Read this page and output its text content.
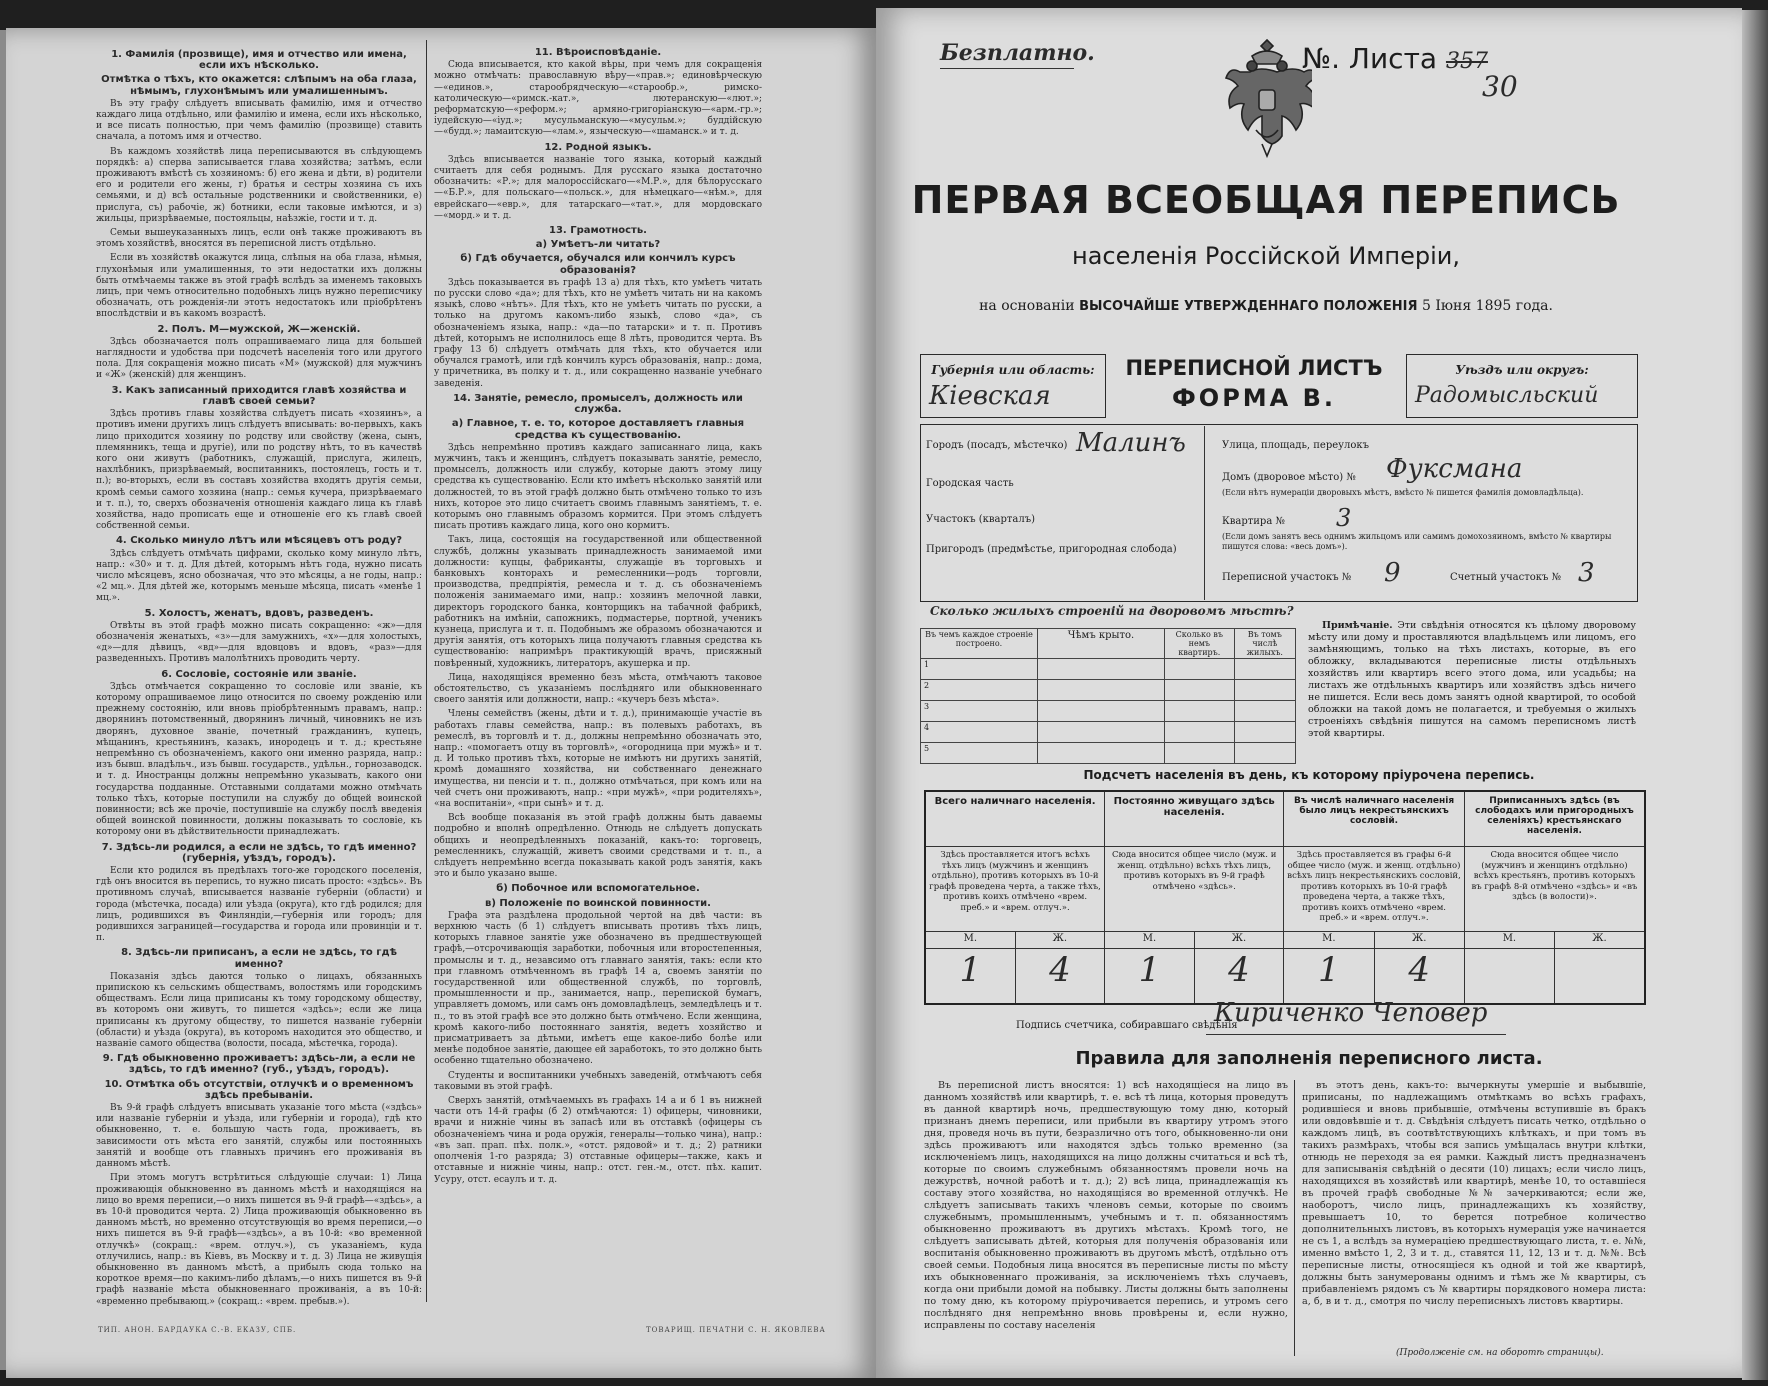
1. Фамилія (прозвище), имя и отчество или имена, если ихъ нѣсколько.
Отмѣтка о тѣхъ, кто окажется: слѣпымъ на оба глаза, нѣмымъ, глухонѣмымъ или умалишеннымъ.

Въ эту графу слѣдуетъ вписывать фамилію, имя и отчество каждаго лица отдѣльно, или фамилію и имена, если ихъ нѣсколько, и все писать полностью, при чемъ фамилію (прозвище) ставить сначала, а потомъ имя и отчество.

Въ каждомъ хозяйствѣ лица переписываются въ слѣдующемъ порядкѣ: а) сперва записывается глава хозяйства; затѣмъ, если проживаютъ вмѣстѣ съ хозяиномъ: б) его жена и дѣти, в) родители его и родители его жены, г) братья и сестры хозяина съ ихъ семьями, и д) всѣ остальные родственники и свойственники, е) прислуга, съ) рабочіе, ж) ботники, если таковые имѣются, и з) жильцы, призрѣваемые, постояльцы, наѣзжіе, гости и т. д.

Семьи вышеуказанныхъ лицъ, если онѣ также проживаютъ въ этомъ хозяйствѣ, вносятся въ переписной листъ отдѣльно.

Если въ хозяйствѣ окажутся лица, слѣпыя на оба глаза, нѣмыя, глухонѣмыя или умалишенныя, то эти недостатки ихъ должны быть отмѣчаемы также въ этой графѣ вслѣдъ за именемъ таковыхъ лицъ, при чемъ относительно подобныхъ лицъ нужно переписчику обозначать, отъ рожденія-ли этотъ недостатокъ или пріобрѣтенъ впослѣдствіи и въ какомъ возрастѣ.

2. Полъ. М—мужской, Ж—женскій.

Здѣсь обозначается полъ опрашиваемаго лица для большей наглядности и удобства при подсчетѣ населенія того или другого пола. Для сокращенія можно писать «М» (мужской) для мужчинъ и «Ж» (женскій) для женщинъ.

3. Какъ записанный приходится главѣ хозяйства и главѣ своей семьи?

Здѣсь противъ главы хозяйства слѣдуетъ писать «хозяинъ», а противъ имени другихъ лицъ слѣдуетъ вписывать: во-первыхъ, какъ лицо приходится хозяину по родству или свойству (жена, сынъ, племянникъ, теща и другіе), или по родству нѣтъ, то въ качествѣ кого они живутъ (работникъ, служащій, прислуга, жилецъ, нахлѣбникъ, призрѣваемый, воспитанникъ, постоялецъ, гость и т. п.); во-вторыхъ, если въ составъ хозяйства входятъ другія семьи, кромѣ семьи самого хозяина (напр.: семья кучера, призрѣваемаго и т. п.), то, сверхъ обозначенія отношенія каждаго лица къ главѣ хозяйства, надо прописать еще и отношеніе его къ главѣ своей собственной семьи.

4. Сколько минуло лѣтъ или мѣсяцевъ отъ роду?

Здѣсь слѣдуетъ отмѣчать цифрами, сколько кому минуло лѣтъ, напр.: «30» и т. д. Для дѣтей, которымъ нѣтъ года, нужно писать число мѣсяцевъ, ясно обозначая, что это мѣсяцы, а не годы, напр.: «2 мц.». Для дѣтей же, которымъ меньше мѣсяца, писать «менѣе 1 мц.».

5. Холостъ, женатъ, вдовъ, разведенъ.

Отвѣты въ этой графѣ можно писать сокращенно: «ж»—для обозначенія женатыхъ, «з»—для замужнихъ, «х»—для холостыхъ, «д»—для дѣвицъ, «вд»—для вдовцовъ и вдовъ, «раз»—для разведенныхъ. Противъ малолѣтнихъ проводить черту.

6. Сословіе, состояніе или званіе.

Здѣсь отмѣчается сокращенно то сословіе или званіе, къ которому опрашиваемое лицо относится по своему рожденію или прежнему состоянію, или вновь пріобрѣтеннымъ правамъ, напр.: дворянинъ потомственный, дворянинъ личный, чиновникъ не изъ дворянъ, духовное званіе, почетный гражданинъ, купецъ, мѣщанинъ, крестьянинъ, казакъ, инородецъ и т. д.; крестьяне непремѣнно съ обозначеніемъ, какого они именно разряда, напр.: изъ бывш. владѣльч., изъ бывш. государств., удѣльн., горнозаводск. и т. д. Иностранцы должны непремѣнно указывать, какого они государства подданные. Отставными солдатами можно отмѣчать только тѣхъ, которые поступили на службу до общей воинской повинности; всѣ же прочіе, поступившіе на службу послѣ введенія общей воинской повинности, должны показывать то сословіе, къ которому они въ дѣйствительности принадлежатъ.

7. Здѣсь-ли родился, а если не здѣсь, то гдѣ именно? (губернія, уѣздъ, городъ).

Если кто родился въ предѣлахъ того-же городского поселенія, гдѣ онъ вносится въ перепись, то нужно писать просто: «здѣсь». Въ противномъ случаѣ, вписывается названіе губерніи (области) и города (мѣстечка, посада) или уѣзда (округа), кто гдѣ родился; для лицъ, родившихся въ Финляндіи,—губернія или городъ; для родившихся заграницей—государства и города или провинціи и т. п.

8. Здѣсь-ли приписанъ, а если не здѣсь, то гдѣ именно?

Показанія здѣсь даются только о лицахъ, обязанныхъ припискою къ сельскимъ обществамъ, волостямъ или городскимъ обществамъ. Если лица приписаны къ тому городскому обществу, въ которомъ они живутъ, то пишется «здѣсь»; если же лица приписаны къ другому обществу, то пишется названіе губерніи (области) и уѣзда (округа), въ которомъ находится это общество, и названіе самого общества (волости, посада, мѣстечка, города).

9. Гдѣ обыкновенно проживаетъ: здѣсь-ли, а если не здѣсь, то гдѣ именно? (губ., уѣздъ, городъ).
10. Отмѣтка объ отсутствіи, отлучкѣ и о временномъ здѣсь пребываніи.

Въ 9-й графѣ слѣдуетъ вписывать указаніе того мѣста («здѣсь» или названіе губерніи и уѣзда, или губерніи и города), гдѣ кто обыкновенно, т. е. большую часть года, проживаетъ, въ зависимости отъ мѣста его занятій, службы или постоянныхъ занятій и вообще отъ главныхъ причинъ его проживанія въ данномъ мѣстѣ.

При этомъ могутъ встрѣтиться слѣдующіе случаи: 1) Лица проживающія обыкновенно въ данномъ мѣстѣ и находящіяся на лицо во время переписи,—о нихъ пишется въ 9-й графѣ—«здѣсь», а въ 10-й проводится черта. 2) Лица проживающія обыкновенно въ данномъ мѣстѣ, но временно отсутствующія во время переписи,—о нихъ пишется въ 9-й графѣ—«здѣсь», а въ 10-й: «во временной отлучкѣ» (сокращ.: «врем. отлуч.»), съ указаніемъ, куда отлучились, напр.: въ Кіевъ, въ Москву и т. д. 3) Лица не живущія обыкновенно въ данномъ мѣстѣ, а прибылъ сюда только на короткое время—по какимъ-либо дѣламъ,—о нихъ пишется въ 9-й графѣ названіе мѣста обыкновеннаго проживанія, а въ 10-й: «временно пребывающ.» (сокращ.: «врем. пребыв.»).

11. Вѣроисповѣданіе.

Сюда вписывается, кто какой вѣры, при чемъ для сокращенія можно отмѣчать: православную вѣру—«прав.»; единовѣрческую—«единов.», старообрядческую—«старообр.», римско-католическую—«римск.-кат.», лютеранскую—«лют.»; реформатскую—«реформ.»; армяно-григоріанскую—«арм.-гр.»; іудейскую—«іуд.»; мусульманскую—«мусульм.»; буддійскую—«будд.»; ламаитскую—«лам.», языческую—«шаманск.» и т. д.

12. Родной языкъ.

Здѣсь вписывается названіе того языка, который каждый считаетъ для себя роднымъ. Для русскаго языка достаточно обозначить: «Р.»; для малороссійскаго—«М.Р.», для бѣлорусскаго—«Б.Р.», для польскаго—«польск.», для нѣмецкаго—«нѣм.», для еврейскаго—«евр.», для татарскаго—«тат.», для мордовскаго—«морд.» и т. д.

13. Грамотность.
а) Умѣетъ-ли читать?
б) Гдѣ обучается, обучался или кончилъ курсъ образованія?

Здѣсь показывается въ графѣ 13 а) для тѣхъ, кто умѣетъ читать по русски слово «да»; для тѣхъ, кто не умѣетъ читать ни на какомъ языкѣ, слово «нѣтъ». Для тѣхъ, кто не умѣетъ читать по русски, а только на другомъ какомъ-либо языкѣ, слово «да», съ обозначеніемъ языка, напр.: «да—по татарски» и т. п. Противъ дѣтей, которымъ не исполнилось еще 8 лѣтъ, проводится черта. Въ графу 13 б) слѣдуетъ отмѣчать для тѣхъ, кто обучается или обучался грамотѣ, или гдѣ кончилъ курсъ образованія, напр.: дома, у причетника, въ полку и т. д., или сокращенно названіе учебнаго заведенія.

14. Занятіе, ремесло, промыселъ, должность или служба.
а) Главное, т. е. то, которое доставляетъ главныя средства къ существованію.

Здѣсь непремѣнно противъ каждаго записаннаго лица, какъ мужчинъ, такъ и женщинъ, слѣдуетъ показывать занятіе, ремесло, промыселъ, должность или службу, которые даютъ этому лицу средства къ существованію. Если кто имѣетъ нѣсколько занятій или должностей, то въ этой графѣ должно быть отмѣчено только то изъ нихъ, которое это лицо считаетъ своимъ главнымъ занятіемъ, т. е. которымъ оно главнымъ образомъ кормится. При этомъ слѣдуетъ писать противъ каждаго лица, кого оно кормитъ.

Такъ, лица, состоящія на государственной или общественной службѣ, должны указывать принадлежность занимаемой ими должности: купцы, фабриканты, служащіе въ торговыхъ и банковыхъ конторахъ и ремесленники—родъ торговли, производства, предпріятія, ремесла и т. д. съ обозначеніемъ положенія занимаемаго ими, напр.: хозяинъ мелочной лавки, директоръ городского банка, конторщикъ на табачной фабрикѣ, работникъ на имѣніи, сапожникъ, подмастерье, портной, ученикъ кузнеца, прислуга и т. п. Подобнымъ же образомъ обозначаются и другія занятія, отъ которыхъ лица получаютъ главныя средства къ существованію: напримѣръ практикующій врачъ, присяжный повѣренный, художникъ, литераторъ, акушерка и пр.

Лица, находящіяся временно безъ мѣста, отмѣчаютъ таковое обстоятельство, съ указаніемъ послѣдняго или обыкновеннаго своего занятія или должности, напр.: «кучеръ безъ мѣста».

Члены семействъ (жены, дѣти и т. д.), принимающіе участіе въ работахъ главы семейства, напр.: въ полевыхъ работахъ, въ ремеслѣ, въ торговлѣ и т. д., должны непремѣнно обозначать это, напр.: «помогаетъ отцу въ торговлѣ», «огородница при мужѣ» и т. д. И только противъ тѣхъ, которые не имѣютъ ни другихъ занятій, кромѣ домашняго хозяйства, ни собственнаго денежнаго имущества, ни пенсіи и т. п., должно отмѣчаться, при комъ или на чей счетъ они проживаютъ, напр.: «при мужѣ», «при родителяхъ», «на воспитаніи», «при сынѣ» и т. д.

Всѣ вообще показанія въ этой графѣ должны быть даваемы подробно и вполнѣ опредѣленно. Отнюдь не слѣдуетъ допускать общихъ и неопредѣленныхъ показаній, какъ-то: торговецъ, ремесленникъ, служащій, живетъ своими средствами и т. п., а слѣдуетъ непремѣнно всегда показывать какой родъ занятія, какъ это и было указано выше.

б) Побочное или вспомогательное.
в) Положеніе по воинской повинности.

Графа эта раздѣлена продольной чертой на двѣ части: въ верхнюю часть (б 1) слѣдуетъ вписывать противъ тѣхъ лицъ, которыхъ главное занятіе уже обозначено въ предшествующей графѣ,—отсрочивающія заработки, побочныя или второстепенныя, промыслы и т. д., незавсимо отъ главнаго занятія, такъ: если кто при главномъ отмѣченномъ въ графѣ 14 а, своемъ занятіи по государственной или общественной службѣ, по торговлѣ, промышленности и пр., занимается, напр., перепиской бумагъ, управляетъ домомъ, или самъ онъ домовладѣлецъ, земледѣлецъ и т. п., то въ этой графѣ все это должно быть отмѣчено. Если женщина, кромѣ какого-либо постояннаго занятія, ведетъ хозяйство и присматриваетъ за дѣтьми, имѣетъ еще какое-либо болѣе или менѣе подобное занятіе, дающее ей заработокъ, то это должно быть особенно тщательно обозначено.

Студенты и воспитанники учебныхъ заведеній, отмѣчаютъ себя таковыми въ этой графѣ.

Сверхъ занятій, отмѣчаемыхъ въ графахъ 14 а и б 1 въ нижней части отъ 14-й графы (б 2) отмѣчаются: 1) офицеры, чиновники, врачи и нижніе чины въ запасѣ или въ отставкѣ (офицеры съ обозначеніемъ чина и рода оружія, генералы—только чина), напр.: «въ зап. прап. пѣх. полк.», «отст. рядовой» и т. д.; 2) ратники ополченія 1-го разряда; 3) отставные офицеры—также, какъ и отставные и нижніе чины, напр.: отст. ген.-м., отст. пѣх. капит. Усуру, отст. есаулъ и т. д.

ТИП. АНОН. БАРДАУКА С.-В. ЕКАЗУ, СПБ.	ТОВАРИЩ. ПЕЧАТНИ С. Н. ЯКОВЛЕВА
Безплатно.	№. Листа 357
30
ПЕРВАЯ ВСЕОБЩАЯ ПЕРЕПИСЬ
населенія Россійской Имперіи,
на основаніи ВЫСОЧАЙШЕ УТВЕРЖДЕННАГО ПОЛОЖЕНІЯ 5 Іюня 1895 года.
Губернія или область:
Кіевская
ПЕРЕПИСНОЙ ЛИСТЪ
ФОРМА В.
Уѣздъ или округъ:
Радомысльский
Городъ (посадъ, мѣстечко) Малинъ
Городская часть
Участокъ (кварталъ)
Пригородъ (предмѣстье, пригородная слобода)
Улица, площадь, переулокъ
Домъ (дворовое мѣсто) № Фуксмана
(Если нѣтъ нумераціи дворовыхъ мѣстъ, вмѣсто № пишется фамилія домовладѣльца).
Квартира № 3
(Если домъ занятъ весь однимъ жильцомъ или самимъ домохозяиномъ, вмѣсто № квартиры пишутся слова: «весь домъ»).
Переписной участокъ № 9	Счетный участокъ № 3
Сколько жилыхъ строеній на дворовомъ мѣстѣ?
Въ чемъ каждое строеніе построено.	Чѣмъ крыто.	Сколько въ немъ квартиръ.	Въ томъ числѣ жилыхъ.
1			
2			
3			
4			
5			
Примѣчаніе. Эти свѣдѣнія относятся къ цѣлому дворовому мѣсту или дому и проставляются владѣльцемъ или лицомъ, его замѣняющимъ, только на тѣхъ листахъ, которые, въ его обложку, вкладываются переписные листы отдѣльныхъ хозяйствъ или квартиръ всего этого дома, или усадьбы; на листахъ же отдѣльныхъ квартиръ или хозяйствъ здѣсь ничего не пишется. Если весь домъ занятъ одной квартирой, то особой обложки на такой домъ не полагается, и требуемыя о жилыхъ строеніяхъ свѣдѣнія пишутся на самомъ переписномъ листѣ этой квартиры.
Подсчетъ населенія въ день, къ которому пріурочена перепись.
Всего наличнаго населенія.		Постоянно живущаго здѣсь населенія.		Въ числѣ наличнаго населенія было лицъ некрестьянскихъ сословій.		Приписанныхъ здѣсь (въ слободахъ или пригородныхъ селеніяхъ) крестьянскаго населенія.	
Здѣсь проставляется итогъ всѣхъ тѣхъ лицъ (мужчинъ и женщинъ отдѣльно), противъ которыхъ въ 10-й графѣ проведена черта, а также тѣхъ, противъ коихъ отмѣчено «врем. преб.» и «врем. отлуч.».		Сюда вносится общее число (муж. и женщ. отдѣльно) всѣхъ тѣхъ лицъ, противъ которыхъ въ 9-й графѣ отмѣчено «здѣсь».		Здѣсь проставляется въ графы 6-й общее число (муж. и женщ. отдѣльно) всѣхъ лицъ некрестьянскихъ сословій, противъ которыхъ въ 10-й графѣ проведена черта, а также тѣхъ, противъ коихъ отмѣчено «врем. преб.» и «врем. отлуч.».		Сюда вносится общее число (мужчинъ и женщинъ отдѣльно) всѣхъ крестьянъ, противъ которыхъ въ графѣ 8-й отмѣчено «здѣсь» и «въ здѣсь (в волости)».	
М.	Ж.	М.	Ж.	М.	Ж.	М.	Ж.
1	4	1	4	1	4		
Подпись счетчика, собиравшаго свѣдѣнія
Кириченко Чеповер
Правила для заполненія переписного листа.

Въ переписной листъ вносятся: 1) всѣ находящіеся на лицо въ данномъ хозяйствѣ или квартирѣ, т. е. всѣ тѣ лица, которыя проведутъ въ данной квартирѣ ночь, предшествующую тому дню, который признанъ днемъ переписи, или прибыли въ квартиру утромъ этого дня, проведя ночь въ пути, безразлично отъ того, обыкновенно-ли они здѣсь проживаютъ или находятся здѣсь только временно (за исключеніемъ лицъ, находящихся на лицо должны считаться и всѣ тѣ, которые по своимъ служебнымъ обязанностямъ провели ночь на дежурствѣ, ночной работѣ и т. д.); 2) всѣ лица, принадлежащія къ составу этого хозяйства, но находящіяся во временной отлучкѣ. Не слѣдуетъ записывать такихъ членовъ семьи, которые по своимъ служебнымъ, промышленнымъ, учебнымъ и т. п. обязанностямъ обыкновенно проживаютъ въ другихъ мѣстахъ. Кромѣ того, не слѣдуетъ записывать дѣтей, которыя для полученія образованія или воспитанія обыкновенно проживаютъ въ другомъ мѣстѣ, отдѣльно отъ своей семьи. Подобныя лица вносятся въ переписные листы по мѣсту ихъ обыкновеннаго проживанія, за исключеніемъ тѣхъ случаевъ, когда они прибыли домой на побывку. Листы должны быть заполнены по тому дню, къ которому пріурочивается перепись, и утромъ сего послѣдняго дня непремѣнно вновь провѣрены и, если нужно, исправлены по составу населенія

въ этотъ день, какъ-то: вычеркнуты умершіе и выбывшіе, приписаны, по надлежащимъ отмѣткамъ во всѣхъ графахъ, родившіеся и вновь прибывшіе, отмѣчены вступившіе въ бракъ или овдовѣвшіе и т. д. Свѣдѣнія слѣдуетъ писать четко, отдѣльно о каждомъ лицѣ, въ соотвѣтствующихъ клѣткахъ, и при томъ въ такихъ размѣрахъ, чтобы вся запись умѣщалась внутри клѣтки, отнюдь не переходя за ея рамки. Каждый листъ предназначенъ для записыванія свѣдѣній о десяти (10) лицахъ; если число лицъ, находящихся въ хозяйствѣ или квартирѣ, менѣе 10, то оставшіеся въ прочей графѣ свободные №№ зачеркиваются; если же, наоборотъ, число лицъ, принадлежащихъ къ хозяйству, превышаетъ 10, то берется потребное количество дополнительныхъ листовъ, въ которыхъ нумерація уже начинается не съ 1, а вслѣдъ за нумераціею предшествующаго листа, т. е. №№, именно вмѣсто 1, 2, 3 и т. д., ставятся 11, 12, 13 и т. д. №№. Всѣ переписные листы, относящіеся къ одной и той же квартирѣ, должны быть занумерованы однимъ и тѣмъ же № квартиры, съ прибавленіемъ рядомъ съ № квартиры порядкового номера листа: а, б, в и т. д., смотря по числу переписныхъ листовъ квартиры.

(Продолженіе см. на оборотѣ страницы).
